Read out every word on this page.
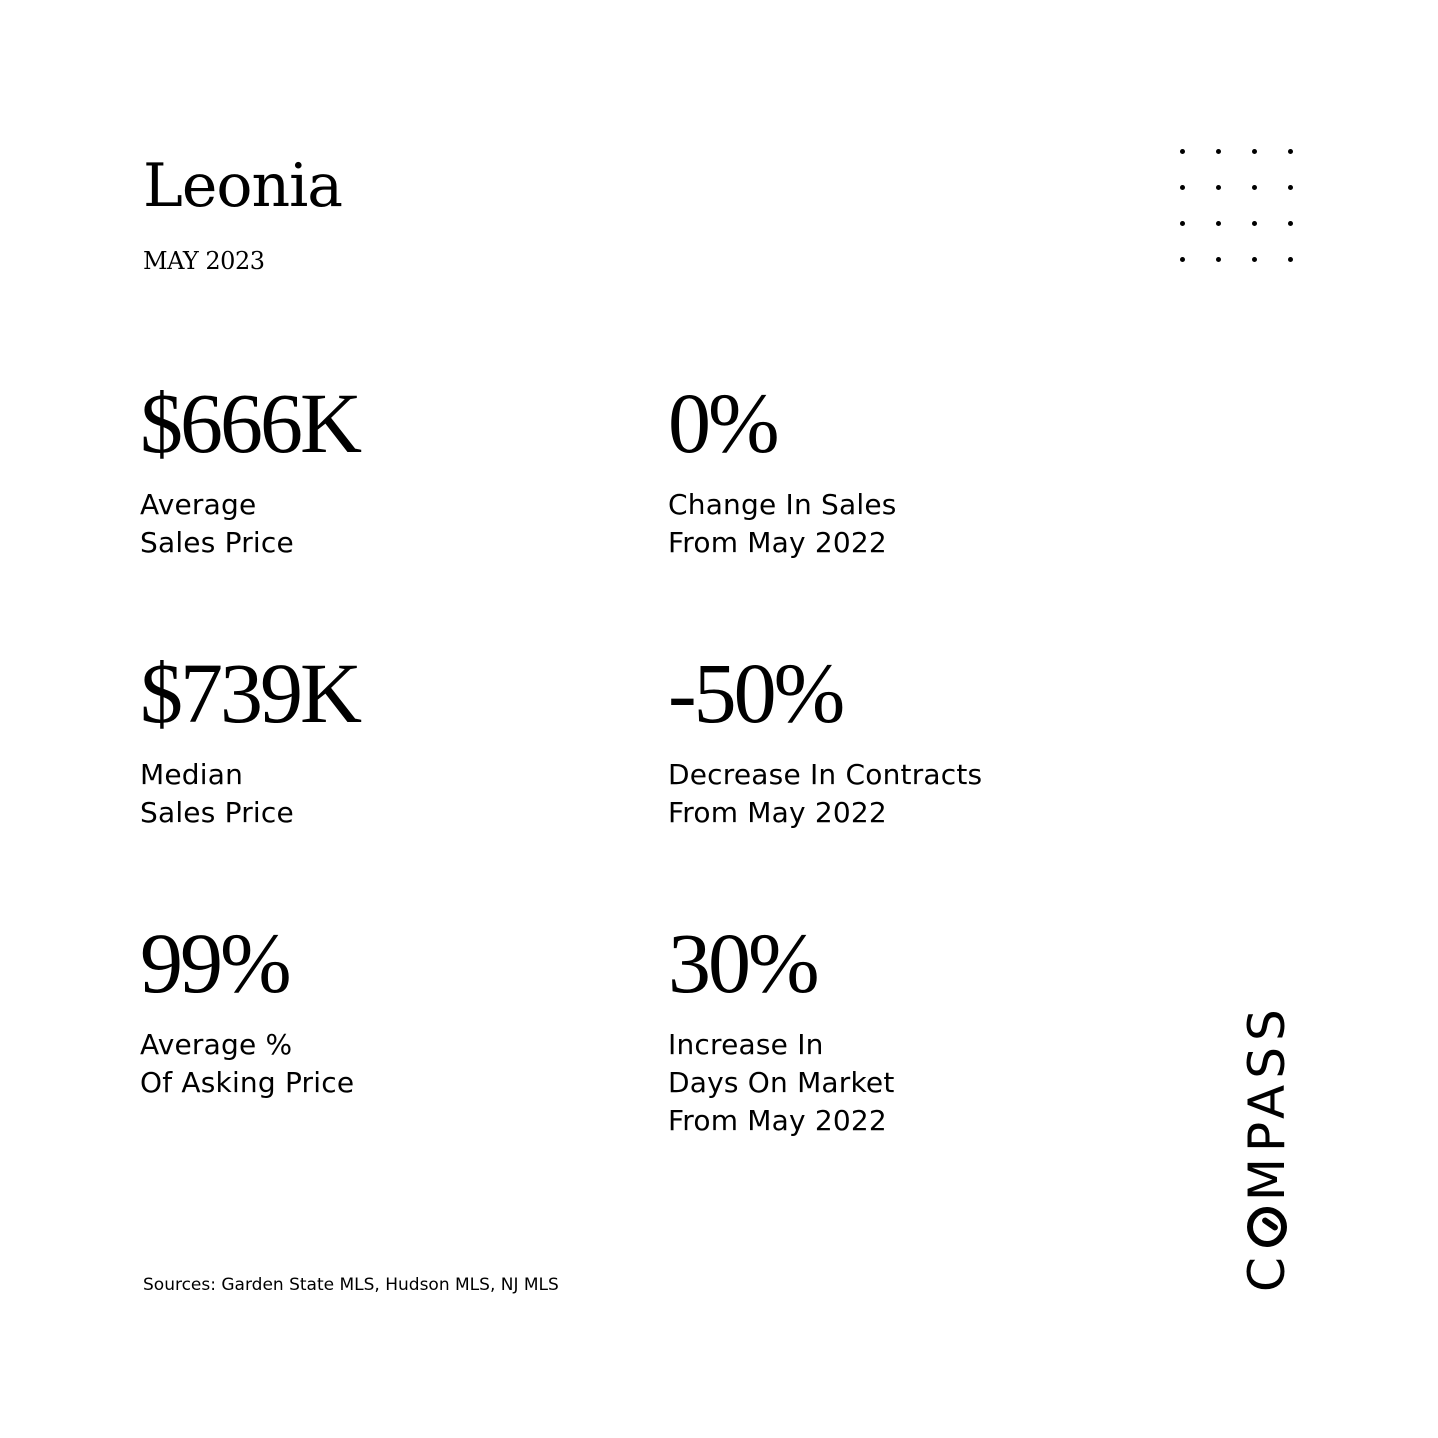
Leonia
MAY 2023
$666K
Average
Sales Price
0%
Change In Sales
From May 2022
$739K
Median
Sales Price
-50%
Decrease In Contracts
From May 2022
99%
Average %
Of Asking Price
30%
Increase In
Days On Market
From May 2022
Sources: Garden State MLS, Hudson MLS, NJ MLS	C
MPASS
